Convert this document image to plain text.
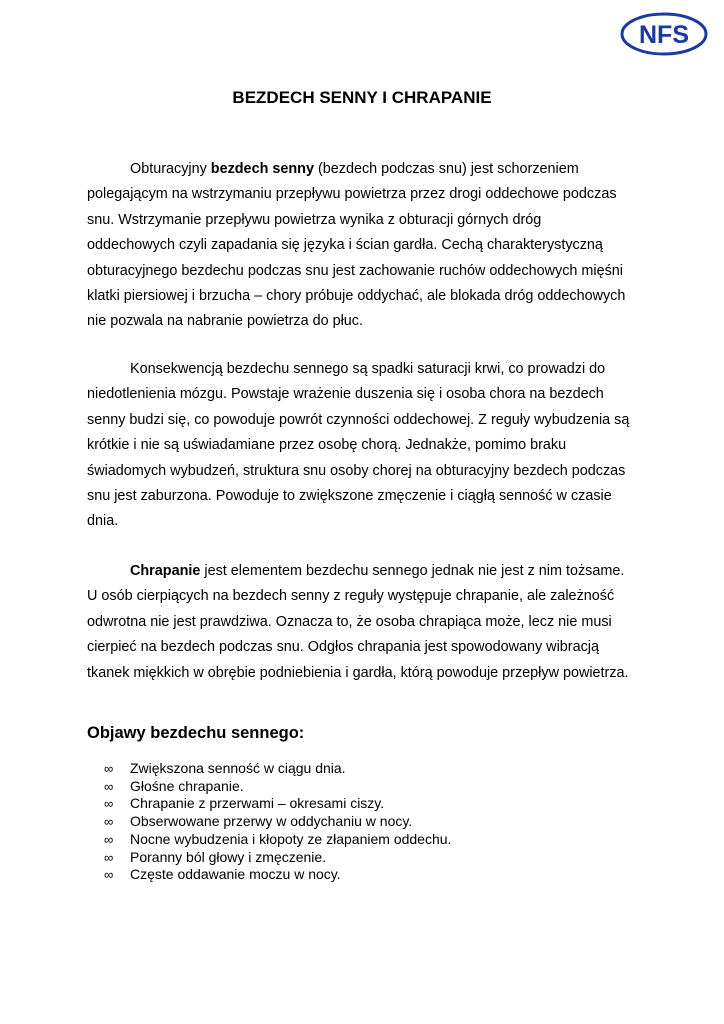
NFS
BEZDECH SENNY I CHRAPANIE

Obturacyjny bezdech senny (bezdech podczas snu) jest schorzeniem
polegającym na wstrzymaniu przepływu powietrza przez drogi oddechowe podczas
snu. Wstrzymanie przepływu powietrza wynika z obturacji górnych dróg
oddechowych czyli zapadania się języka i ścian gardła. Cechą charakterystyczną
obturacyjnego bezdechu podczas snu jest zachowanie ruchów oddechowych mięśni
klatki piersiowej i brzucha – chory próbuje oddychać, ale blokada dróg oddechowych
nie pozwala na nabranie powietrza do płuc.

Konsekwencją bezdechu sennego są spadki saturacji krwi, co prowadzi do
niedotlenienia mózgu. Powstaje wrażenie duszenia się i osoba chora na bezdech
senny budzi się, co powoduje powrót czynności oddechowej. Z reguły wybudzenia są
krótkie i nie są uświadamiane przez osobę chorą. Jednakże, pomimo braku
świadomych wybudzeń, struktura snu osoby chorej na obturacyjny bezdech podczas
snu jest zaburzona. Powoduje to zwiększone zmęczenie i ciągłą senność w czasie
dnia.

Chrapanie jest elementem bezdechu sennego jednak nie jest z nim tożsame.
U osób cierpiących na bezdech senny z reguły występuje chrapanie, ale zależność
odwrotna nie jest prawdziwa. Oznacza to, że osoba chrapiąca może, lecz nie musi
cierpieć na bezdech podczas snu. Odgłos chrapania jest spowodowany wibracją
tkanek miękkich w obrębie podniebienia i gardła, którą powoduje przepływ powietrza.

Objawy bezdechu sennego:
∞	Zwiększona senność w ciągu dnia.
∞	Głośne chrapanie.
∞	Chrapanie z przerwami – okresami ciszy.
∞	Obserwowane przerwy w oddychaniu w nocy.
∞	Nocne wybudzenia i kłopoty ze złapaniem oddechu.
∞	Poranny ból głowy i zmęczenie.
∞	Częste oddawanie moczu w nocy.
